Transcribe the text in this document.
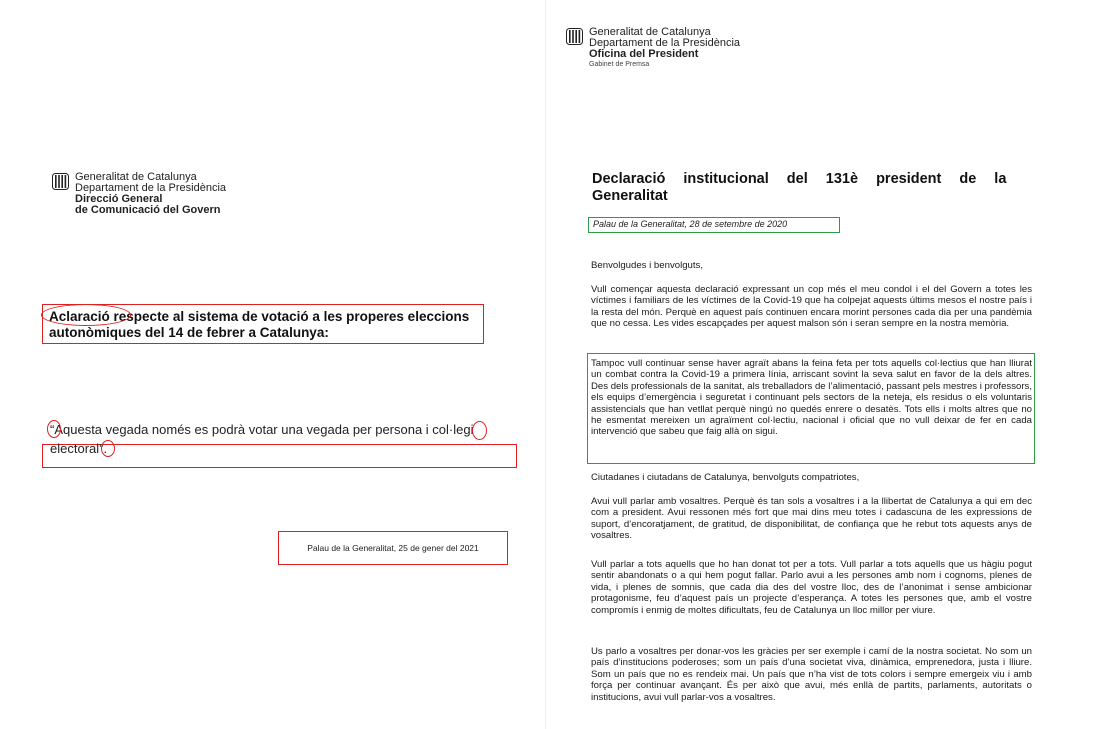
Generalitat de Catalunya
Departament de la Presidència
Direcció General
de Comunicació del Govern
Aclaració respecte al sistema de votació a les properes eleccions autonòmiques del 14 de febrer a Catalunya:
“Aquesta vegada només es podrà votar una vegada per persona i col·legi electoral”.
Palau de la Generalitat, 25 de gener del 2021
Generalitat de Catalunya
Departament de la Presidència
Oficina del President
Gabinet de Premsa
Declaració institucional del 131è president de la
Generalitat
Palau de la Generalitat, 28 de setembre de 2020
Benvolgudes i benvolguts,
Vull començar aquesta declaració expressant un cop més el meu condol i el del Govern a totes les víctimes i familiars de les víctimes de la Covid-19 que ha colpejat aquests últims mesos el nostre país i la resta del món. Perquè en aquest país continuen encara morint persones cada dia per una pandèmia que no cessa. Les vides escapçades per aquest malson són i seran sempre en la nostra memòria.
Tampoc vull continuar sense haver agraït abans la feina feta per tots aquells col·lectius que han lliurat un combat contra la Covid-19 a primera línia, arriscant sovint la seva salut en favor de la dels altres. Des dels professionals de la sanitat, als treballadors de l’alimentació, passant pels mestres i professors, els equips d’emergència i seguretat i continuant pels sectors de la neteja, els residus o els voluntaris assistencials que han vetllat perquè ningú no quedés enrere o desatès. Tots ells i molts altres que no he esmentat mereixen un agraïment col·lectiu, nacional i oficial que no vull deixar de fer en cada intervenció que sabeu que faig allà on sigui.
Ciutadanes i ciutadans de Catalunya, benvolguts compatriotes,
Avui vull parlar amb vosaltres. Perquè és tan sols a vosaltres i a la llibertat de Catalunya a qui em dec com a president. Avui ressonen més fort que mai dins meu totes i cadascuna de les expressions de suport, d’encoratjament, de gratitud, de disponibilitat, de confiança que he rebut tots aquests anys de vosaltres.
Vull parlar a tots aquells que ho han donat tot per a tots. Vull parlar a tots aquells que us hàgiu pogut sentir abandonats o a qui hem pogut fallar. Parlo avui a les persones amb nom i cognoms, plenes de vida, i plenes de somnis, que cada dia des del vostre lloc, des de l’anonimat i sense ambicionar protagonisme, feu d’aquest país un projecte d’esperança. A totes les persones que, amb el vostre compromís i enmig de moltes dificultats, feu de Catalunya un lloc millor per viure.
Us parlo a vosaltres per donar-vos les gràcies per ser exemple i camí de la nostra societat. No som un país d’institucions poderoses; som un país d’una societat viva, dinàmica, emprenedora, justa i lliure. Som un país que no es rendeix mai. Un país que n’ha vist de tots colors i sempre emergeix viu i amb força per continuar avançant. És per això que avui, més enllà de partits, parlaments, autoritats o institucions, avui vull parlar-vos a vosaltres.
